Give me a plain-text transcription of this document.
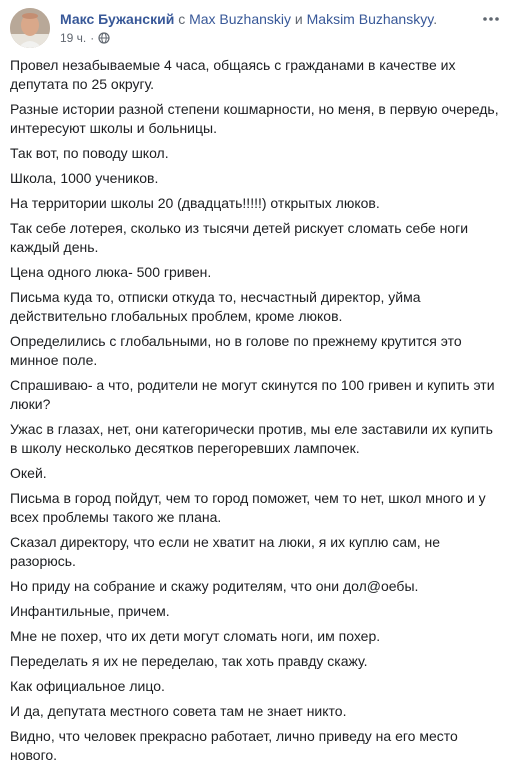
Макс Бужанский с Max Buzhanskiy и Maksim Buzhanskyy.
19 ч. ·

Провел незабываемые 4 часа, общаясь с гражданами в качестве их депутата по 25 округу.

Разные истории разной степени кошмарности, но меня, в первую очередь, интересуют школы и больницы.

Так вот, по поводу школ.

Школа, 1000 учеников.

На территории школы 20 (двадцать!!!!!) открытых люков.

Так себе лотерея, сколько из тысячи детей рискует сломать себе ноги каждый день.

Цена одного люка- 500 гривен.

Письма куда то, отписки откуда то, несчастный директор, уйма действительно глобальных проблем, кроме люков.

Определились с глобальными, но в голове по прежнему крутится это минное поле.

Спрашиваю- а что, родители не могут скинутся по 100 гривен и купить эти люки?

Ужас в глазах, нет, они категорически против, мы еле заставили их купить в школу несколько десятков перегоревших лампочек.

Окей.

Письма в город пойдут, чем то город поможет, чем то нет, школ много и у всех проблемы такого же плана.

Сказал директору, что если не хватит на люки, я их куплю сам, не разорюсь.

Но приду на собрание и скажу родителям, что они дол@оебы.

Инфантильные, причем.

Мне не похер, что их дети могут сломать ноги, им похер.

Переделать я их не переделаю, так хоть правду скажу.

Как официальное лицо.

И да, депутата местного совета там не знает никто.

Видно, что человек прекрасно работает, лично приведу на его место нового.
